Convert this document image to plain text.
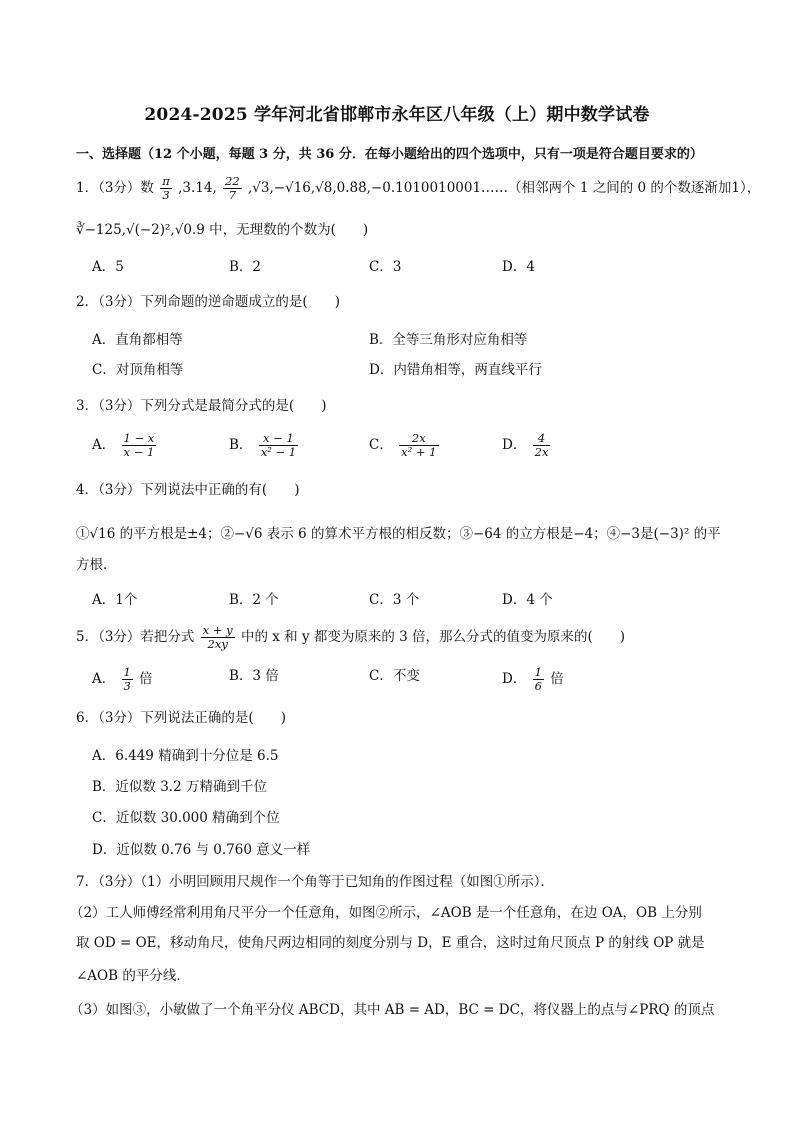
2024-2025 学年河北省邯郸市永年区八年级（上）期中数学试卷
一、选择题（12 个小题，每题 3 分，共 36 分．在每小题给出的四个选项中，只有一项是符合题目要求的）
1．（3分）数 $\frac{\pi}{3} ,3.14$, $\frac{22}{7}$ ,√3,−√16,√8,0.8̇8̇,−0.1010010001……（相邻两个 1 之间的 0 的个数逐渐加1），
∛−125,√(−2)²,√0.9 中，无理数的个数为(　　)
A．5	B．2	C．3	D．4
2．（3分）下列命题的逆命题成立的是(　　)
A．直角都相等	B．全等三角形对应角相等
C．对顶角相等	D．内错角相等，两直线平行
3．（3分）下列分式是最简分式的是(　　)
A． $\frac{1 - x}{x - 1}$	B． $\frac{x - 1}{\text{x² − 1}}$	C． $\frac{2x}{\text{x² + 1}}$	D． $\frac{4}{2x}$
4．（3分）下列说法中正确的有(　　)
①√16 的平方根是±4；②−√6 表示 6 的算术平方根的相反数；③−64 的立方根是−4；④−3是(−3)² 的平
方根．
A．1个	B．2 个	C．3 个	D．4 个
5．（3分）若把分式 $\frac{x + y}{2xy}$ 中的 x 和 y 都变为原来的 3 倍，那么分式的值变为原来的(　　)
A． $\frac{1}{3}$ 倍	B．3 倍	C．不变	D． $\frac{1}{6}$ 倍
6．（3分）下列说法正确的是(　　)
A．6.449 精确到十分位是 6.5
B．近似数 3.2 万精确到千位
C．近似数 30.000 精确到个位
D．近似数 0.76 与 0.760 意义一样
7．（3分）（1）小明回顾用尺规作一个角等于已知角的作图过程（如图①所示）．
（2）工人师傅经常利用角尺平分一个任意角，如图②所示，∠AOB 是一个任意角，在边 OA，OB 上分别
取 OD = OE，移动角尺，使角尺两边相同的刻度分别与 D，E 重合，这时过角尺顶点 P 的射线 OP 就是
∠AOB 的平分线．
（3）如图③，小敏做了一个角平分仪 ABCD，其中 AB = AD，BC = DC，将仪器上的点与∠PRQ 的顶点
